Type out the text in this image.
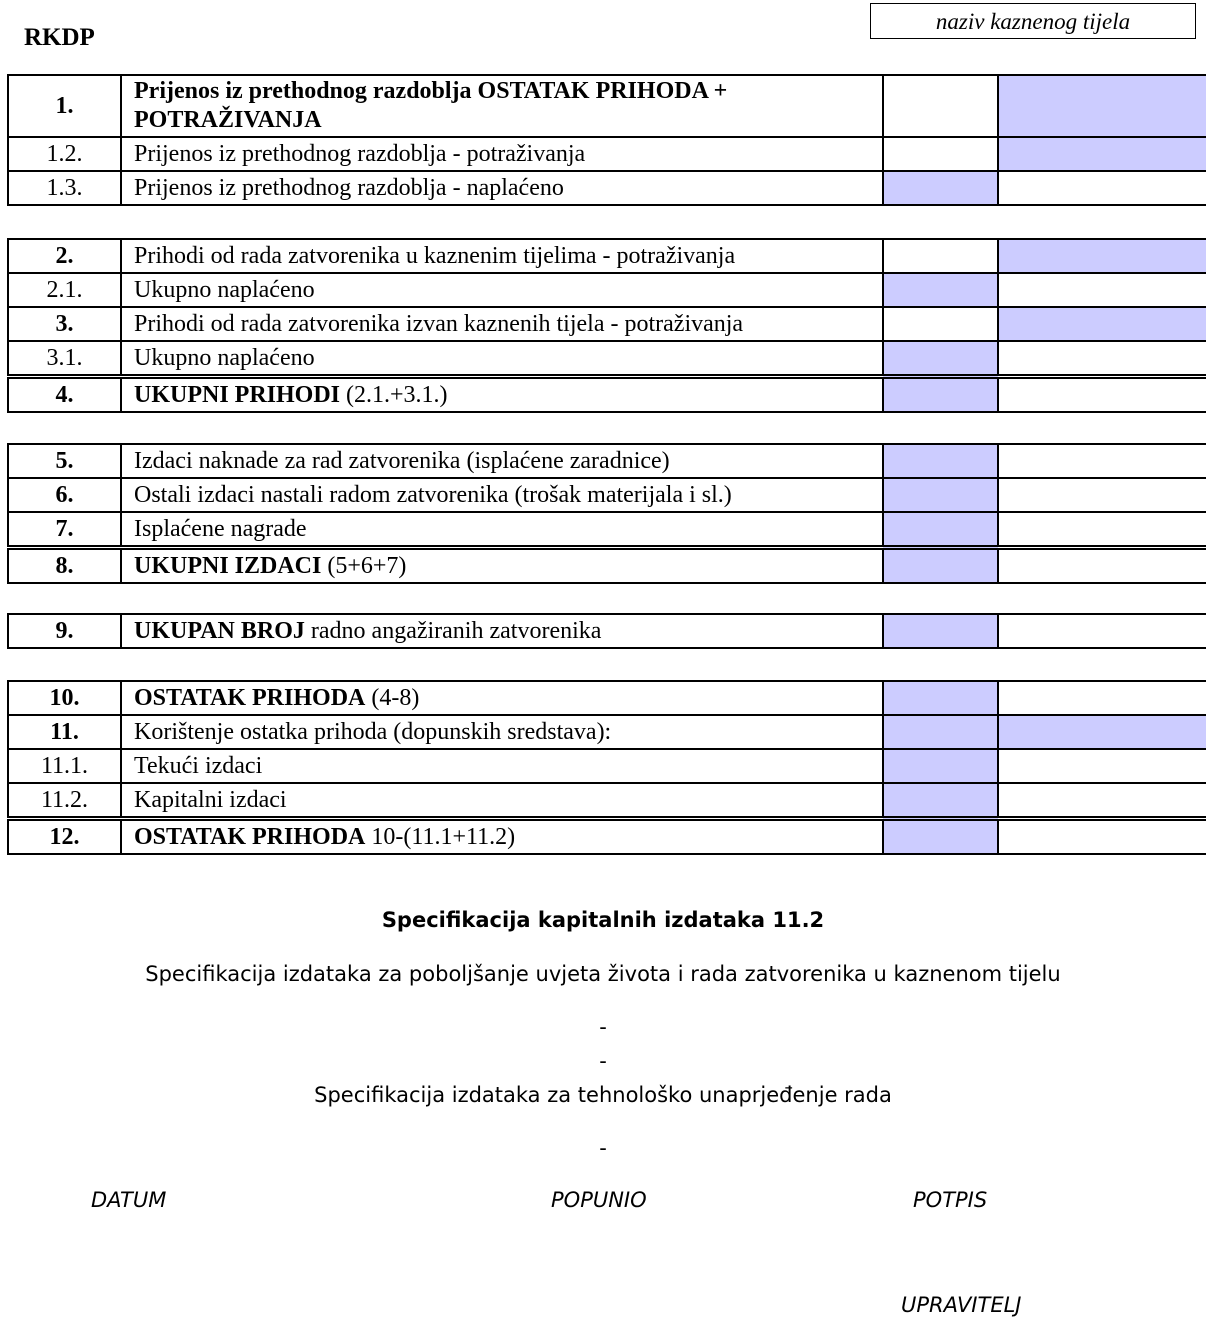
RKDP
naziv kaznenog tijela
1.	Prijenos iz prethodnog razdoblja OSTATAK PRIHODA + POTRAŽIVANJA		
1.2.	Prijenos iz prethodnog razdoblja - potraživanja		
1.3.	Prijenos iz prethodnog razdoblja - naplaćeno		
2.	Prihodi od rada zatvorenika u kaznenim tijelima - potraživanja		
2.1.	Ukupno naplaćeno		
3.	Prihodi od rada zatvorenika izvan kaznenih tijela - potraživanja		
3.1.	Ukupno naplaćeno		
4.	UKUPNI PRIHODI (2.1.+3.1.)		
5.	Izdaci naknade za rad zatvorenika (isplaćene zaradnice)		
6.	Ostali izdaci nastali radom zatvorenika (trošak materijala i sl.)		
7.	Isplaćene nagrade		
8.	UKUPNI IZDACI (5+6+7)		
9.	UKUPAN BROJ radno angažiranih zatvorenika		
10.	OSTATAK PRIHODA (4-8)		
11.	Korištenje ostatka prihoda (dopunskih sredstava):		
11.1.	Tekući izdaci		
11.2.	Kapitalni izdaci		
12.	OSTATAK PRIHODA 10-(11.1+11.2)		
Specifikacija kapitalnih izdataka 11.2
Specifikacija izdataka za poboljšanje uvjeta života i rada zatvorenika u kaznenom tijelu
-
-
Specifikacija izdataka za tehnološko unaprjeđenje rada
-
DATUM	POPUNIO	POTPIS
UPRAVITELJ
